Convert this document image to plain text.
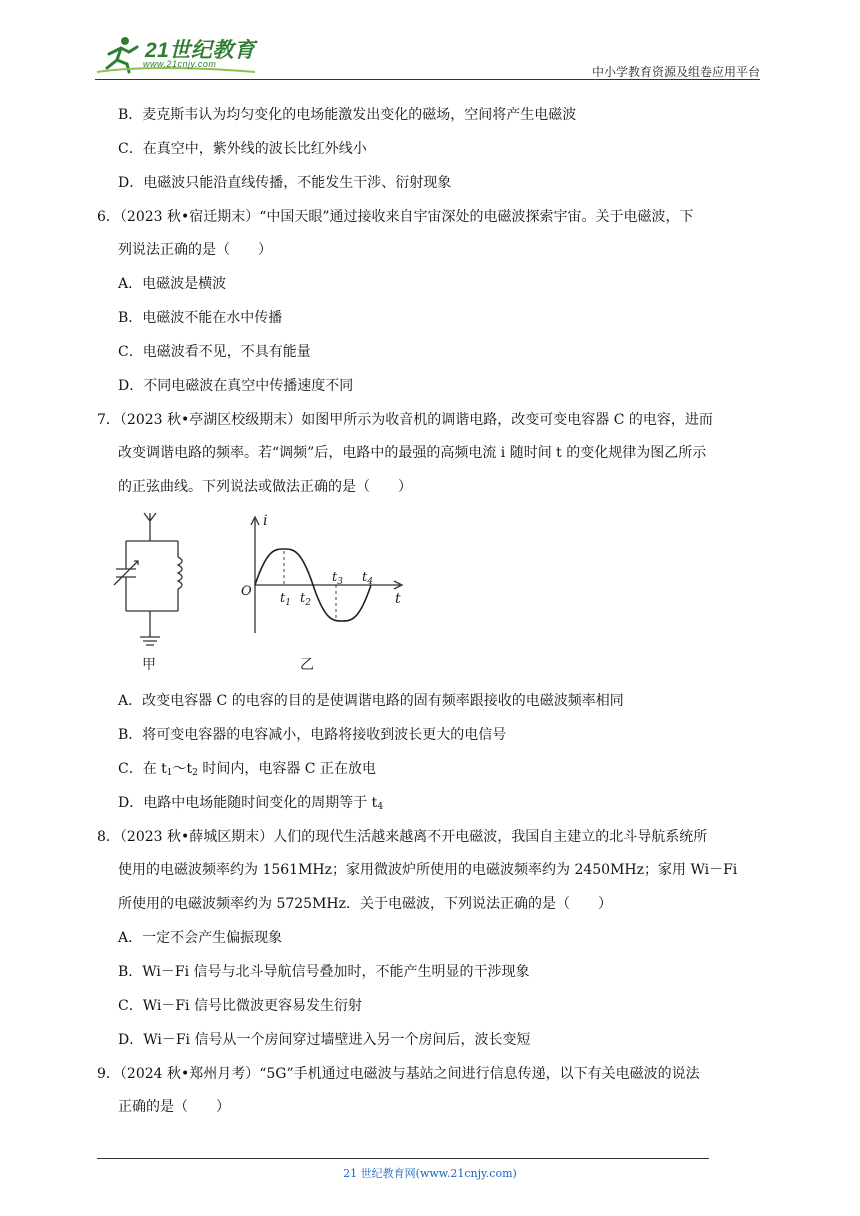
21世纪教育
www.21cnjy.com
中小学教育资源及组卷应用平台
B．麦克斯韦认为均匀变化的电场能激发出变化的磁场，空间将产生电磁波
C．在真空中，紫外线的波长比红外线小
D．电磁波只能沿直线传播，不能发生干涉、衍射现象
6．（2023 秋•宿迁期末）“中国天眼”通过接收来自宇宙深处的电磁波探索宇宙。关于电磁波，下
列说法正确的是（　　）
A．电磁波是横波
B．电磁波不能在水中传播
C．电磁波看不见，不具有能量
D．不同电磁波在真空中传播速度不同
7．（2023 秋•亭湖区校级期末）如图甲所示为收音机的调谐电路，改变可变电容器 C 的电容，进而
改变调谐电路的频率。若“调频”后，电路中的最强的高频电流 i 随时间 t 的变化规律为图乙所示
的正弦曲线。下列说法或做法正确的是（　　）
甲
i
t
O $t_1$ $t_2$
$t_3$ $t_4$
乙
A．改变电容器 C 的电容的目的是使调谐电路的固有频率跟接收的电磁波频率相同
B．将可变电容器的电容减小，电路将接收到波长更大的电信号
C．在 $t_1\sim t_2$ 时间内，电容器 C 正在放电
D．电路中电场能随时间变化的周期等于 $t_4$
8．（2023 秋•薛城区期末）人们的现代生活越来越离不开电磁波，我国自主建立的北斗导航系统所
使用的电磁波频率约为 1561MHz；家用微波炉所使用的电磁波频率约为 2450MHz；家用 Wi－Fi
所使用的电磁波频率约为 5725MHz．关于电磁波，下列说法正确的是（　　）
A．一定不会产生偏振现象
B．Wi－Fi 信号与北斗导航信号叠加时，不能产生明显的干涉现象
C．Wi－Fi 信号比微波更容易发生衍射
D．Wi－Fi 信号从一个房间穿过墙壁进入另一个房间后，波长变短
9．（2024 秋•郑州月考）“5G”手机通过电磁波与基站之间进行信息传递，以下有关电磁波的说法
正确的是（　　）
21 世纪教育网(www.21cnjy.com)
